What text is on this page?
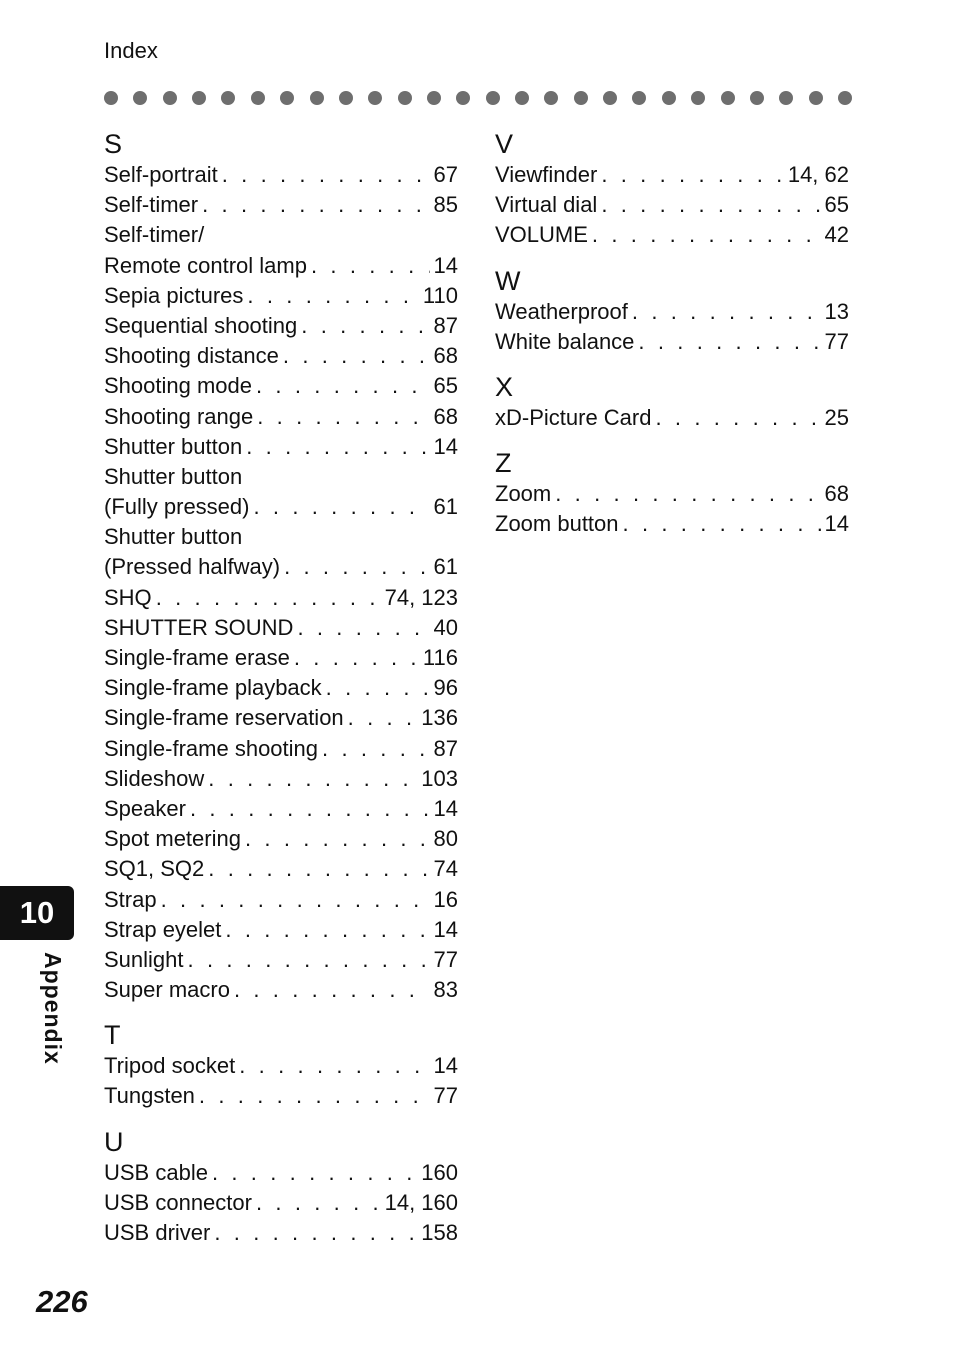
Index
S
Self-portrait . . .	67
Self-timer . . .	85
Self-timer/
Remote control lamp . . .	14
Sepia pictures . . .	110
Sequential shooting . . .	87
Shooting distance . . .	68
Shooting mode . . .	65
Shooting range . . .	68
Shutter button . . .	14
Shutter button
(Fully pressed) . . .	61
Shutter button
(Pressed halfway) . . .	61
SHQ . . .	74, 123
SHUTTER SOUND . . .	40
Single-frame erase . . .	116
Single-frame playback . . .	96
Single-frame reservation . . .	136
Single-frame shooting . . .	87
Slideshow . . .	103
Speaker . . .	14
Spot metering . . .	80
SQ1, SQ2 . . .	74
Strap . . .	16
Strap eyelet . . .	14
Sunlight . . .	77
Super macro . . .	83
T
Tripod socket . . .	14
Tungsten . . .	77
U
USB cable . . .	160
USB connector . . .	14, 160
USB driver . . .	158
V
Viewfinder . . .	14, 62
Virtual dial . . .	65
VOLUME . . .	42
W
Weatherproof . . .	13
White balance . . .	77
X
xD-Picture Card . . .	25
Z
Zoom . . .	68
Zoom button . . .	14
10
Appendix
226
